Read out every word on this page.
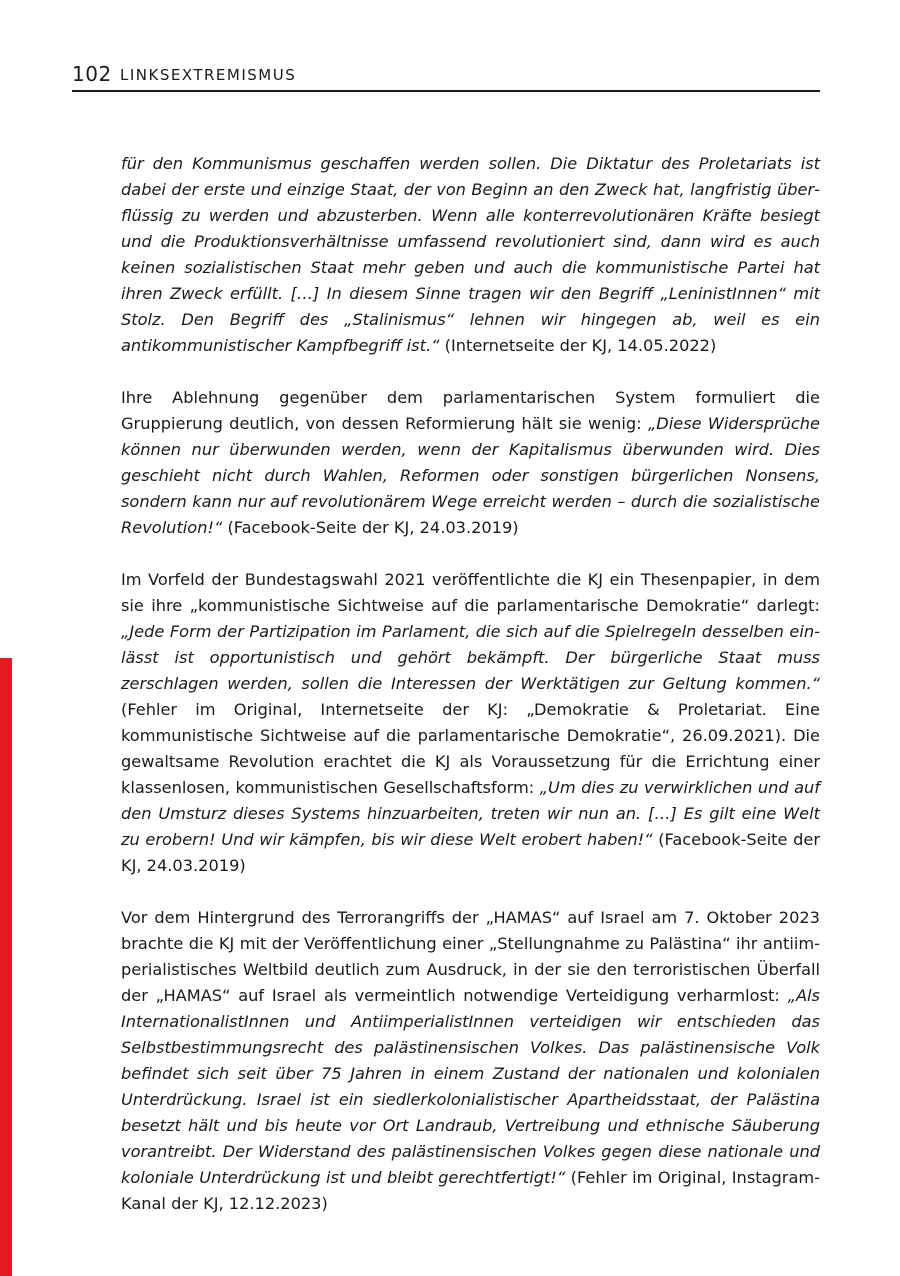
102 LINKSEXTREMISMUS

für den Kommunismus geschaffen werden sollen. Die Diktatur des Proletariats ist dabei der erste und einzige Staat, der von Beginn an den Zweck hat, langfristig überflüssig zu werden und abzusterben. Wenn alle konterrevolutionären Kräfte besiegt und die Produktionsverhältnisse umfassend revolutioniert sind, dann wird es auch keinen sozialistischen Staat mehr geben und auch die kommunistische Partei hat ihren Zweck erfüllt. […] In diesem Sinne tragen wir den Begriff „LeninistInnen“ mit Stolz. Den Begriff des „Stalinismus“ lehnen wir hingegen ab, weil es ein antikommunistischer Kampfbegriff ist.“ (Internetseite der KJ, 14.05.2022)

Ihre Ablehnung gegenüber dem parlamentarischen System formuliert die Gruppierung deutlich, von dessen Reformierung hält sie wenig: „Diese Widersprüche können nur überwunden werden, wenn der Kapitalismus überwunden wird. Dies geschieht nicht durch Wahlen, Reformen oder sonstigen bürgerlichen Nonsens, sondern kann nur auf revolutionärem Wege erreicht werden – durch die sozialistische Revolution!“ (Facebook-Seite der KJ, 24.03.2019)

Im Vorfeld der Bundestagswahl 2021 veröffentlichte die KJ ein Thesenpapier, in dem sie ihre „kommunistische Sichtweise auf die parlamentarische Demokratie“ darlegt: „Jede Form der Partizipation im Parlament, die sich auf die Spielregeln desselben einlässt ist opportunistisch und gehört bekämpft. Der bürgerliche Staat muss zerschlagen werden, sollen die Interessen der Werktätigen zur Geltung kommen.“ (Fehler im Original, Internetseite der KJ: „Demokratie & Proletariat. Eine kommunistische Sichtweise auf die parlamentarische Demokratie“, 26.09.2021). Die gewaltsame Revolution erachtet die KJ als Voraussetzung für die Errichtung einer klassenlosen, kommunistischen Gesellschaftsform: „Um dies zu verwirklichen und auf den Umsturz dieses Systems hinzuarbeiten, treten wir nun an. […] Es gilt eine Welt zu erobern! Und wir kämpfen, bis wir diese Welt erobert haben!“ (Facebook-Seite der KJ, 24.03.2019)

Vor dem Hintergrund des Terrorangriffs der „HAMAS“ auf Israel am 7. Oktober 2023 brachte die KJ mit der Veröffentlichung einer „Stellungnahme zu Palästina“ ihr antiimperialistisches Weltbild deutlich zum Ausdruck, in der sie den terroristischen Überfall der „HAMAS“ auf Israel als vermeintlich notwendige Verteidigung verharmlost: „Als InternationalistInnen und AntiimperialistInnen verteidigen wir entschieden das Selbstbestimmungsrecht des palästinensischen Volkes. Das palästinensische Volk befindet sich seit über 75 Jahren in einem Zustand der nationalen und kolonialen Unterdrückung. Israel ist ein siedlerkolonialistischer Apartheidsstaat, der Palästina besetzt hält und bis heute vor Ort Landraub, Vertreibung und ethnische Säuberung vorantreibt. Der Widerstand des palästinensischen Volkes gegen diese nationale und koloniale Unterdrückung ist und bleibt gerechtfertigt!“ (Fehler im Original, Instagram-Kanal der KJ, 12.12.2023)
